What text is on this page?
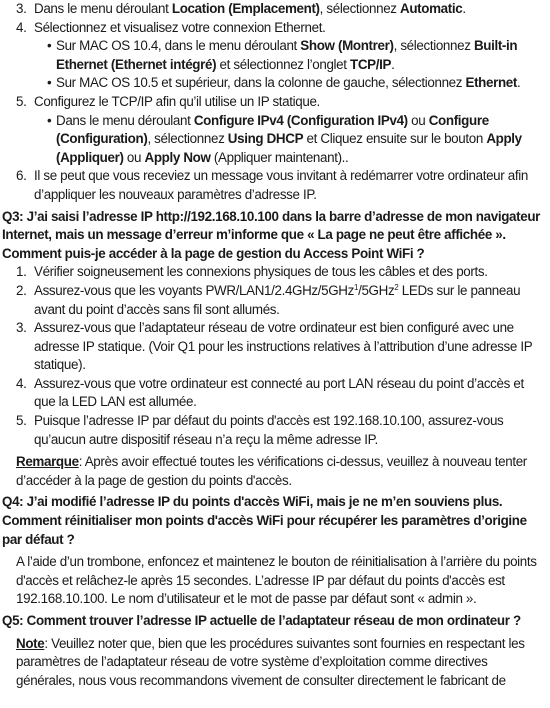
3. Dans le menu déroulant Location (Emplacement), sélectionnez Automatic.

4. Sélectionnez et visualisez votre connexion Ethernet.

• Sur MAC OS 10.4, dans le menu déroulant Show (Montrer), sélectionnez Built-in Ethernet (Ethernet intégré) et sélectionnez l’onglet TCP/IP.

• Sur MAC OS 10.5 et supérieur, dans la colonne de gauche, sélectionnez Ethernet.

5. Configurez le TCP/IP afin qu’il utilise un IP statique.

• Dans le menu déroulant Configure IPv4 (Configuration IPv4) ou Configure (Configuration), sélectionnez Using DHCP et Cliquez ensuite sur le bouton Apply (Appliquer) ou Apply Now (Appliquer maintenant)..

6. Il se peut que vous receviez un message vous invitant à redémarrer votre ordinateur afin d’appliquer les nouveaux paramètres d’adresse IP.

Q3: J’ai saisi l’adresse IP http://192.168.10.100 dans la barre d’adresse de mon navigateur Internet, mais un message d’erreur m’informe que « La page ne peut être affichée ». Comment puis-je accéder à la page de gestion du Access Point WiFi ?

1. Vérifier soigneusement les connexions physiques de tous les câbles et des ports.

2. Assurez-vous que les voyants PWR/LAN1/2.4GHz/5GHz$^1$/5GHz$^2$ LEDs sur le panneau avant du point d’accès sans fil sont allumés.

3. Assurez-vous que l’adaptateur réseau de votre ordinateur est bien configuré avec une adresse IP statique. (Voir Q1 pour les instructions relatives à l’attribution d’une adresse IP statique).

4. Assurez-vous que votre ordinateur est connecté au port LAN réseau du point d’accès et que la LED LAN est allumée.

5. Puisque l’adresse IP par défaut du points d'accès est 192.168.10.100, assurez-vous qu’aucun autre dispositif réseau n’a reçu la même adresse IP.

Remarque: Après avoir effectué toutes les vérifications ci-dessus, veuillez à nouveau tenter d’accéder à la page de gestion du points d'accès.

Q4: J’ai modifié l’adresse IP du points d'accès WiFi, mais je ne m’en souviens plus. Comment réinitialiser mon points d'accès WiFi pour récupérer les paramètres d’origine par défaut ?

A l’aide d’un trombone, enfoncez et maintenez le bouton de réinitialisation à l’arrière du points d'accès et relâchez-le après 15 secondes. L’adresse IP par défaut du points d'accès est 192.168.10.100. Le nom d’utilisateur et le mot de passe par défaut sont « admin ».

Q5: Comment trouver l’adresse IP actuelle de l’adaptateur réseau de mon ordinateur ?

Note: Veuillez noter que, bien que les procédures suivantes sont fournies en respectant les paramètres de l’adaptateur réseau de votre système d’exploitation comme directives générales, nous vous recommandons vivement de consulter directement le fabricant de
